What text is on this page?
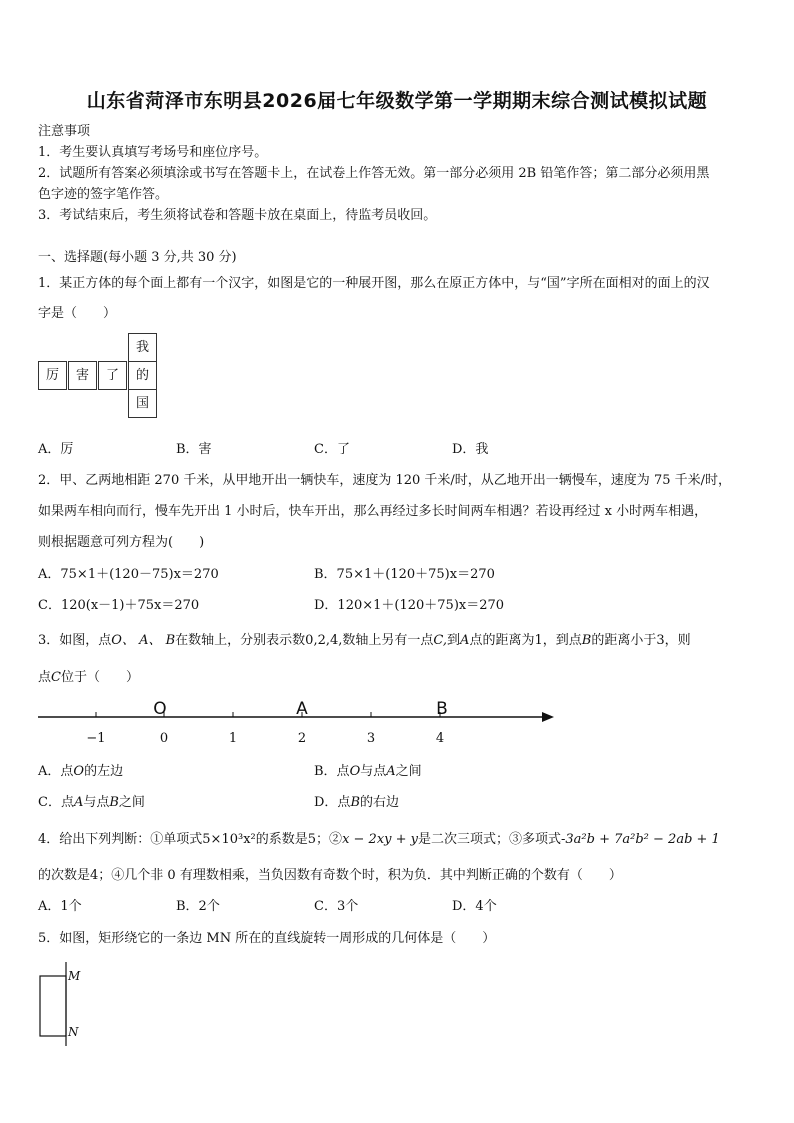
山东省菏泽市东明县2026届七年级数学第一学期期末综合测试模拟试题
注意事项
1．考生要认真填写考场号和座位序号。
2．试题所有答案必须填涂或书写在答题卡上，在试卷上作答无效。第一部分必须用 2B 铅笔作答；第二部分必须用黑
色字迹的签字笔作答。
3．考试结束后，考生须将试卷和答题卡放在桌面上，待监考员收回。
一、选择题(每小题 3 分,共 30 分)
1．某正方体的每个面上都有一个汉字，如图是它的一种展开图，那么在原正方体中，与“国”字所在面相对的面上的汉
字是（　　）
我
厉	害	了	的
国
A．厉	B．害	C．了	D．我
2．甲、乙两地相距 270 千米，从甲地开出一辆快车，速度为 120 千米/时，从乙地开出一辆慢车，速度为 75 千米/时，
如果两车相向而行，慢车先开出 1 小时后，快车开出，那么再经过多长时间两车相遇？若设再经过 x 小时两车相遇，
则根据题意可列方程为(　　)
A．75×1＋(120－75)x＝270	B．75×1＋(120＋75)x＝270
C．120(x－1)＋75x＝270	D．120×1＋(120＋75)x＝270
3．如图，点O、 A、 B在数轴上，分别表示数0,2,4,数轴上另有一点C,到A点的距离为1，到点B的距离小于3，则
点C位于（　　）
−1	0	1	2	3	4
O	A	B
A．点O的左边	B．点O与点A之间
C．点A与点B之间	D．点B的右边
4．给出下列判断：①单项式5×10³x²的系数是5；②x − 2xy + y是二次三项式；③多项式-3a²b + 7a²b² − 2ab + 1
的次数是4；④几个非 0 有理数相乘，当负因数有奇数个时，积为负．其中判断正确的个数有（　　）
A．1个	B．2个	C．3个	D．4个
5．如图，矩形绕它的一条边 MN 所在的直线旋转一周形成的几何体是（　　）
M
N
